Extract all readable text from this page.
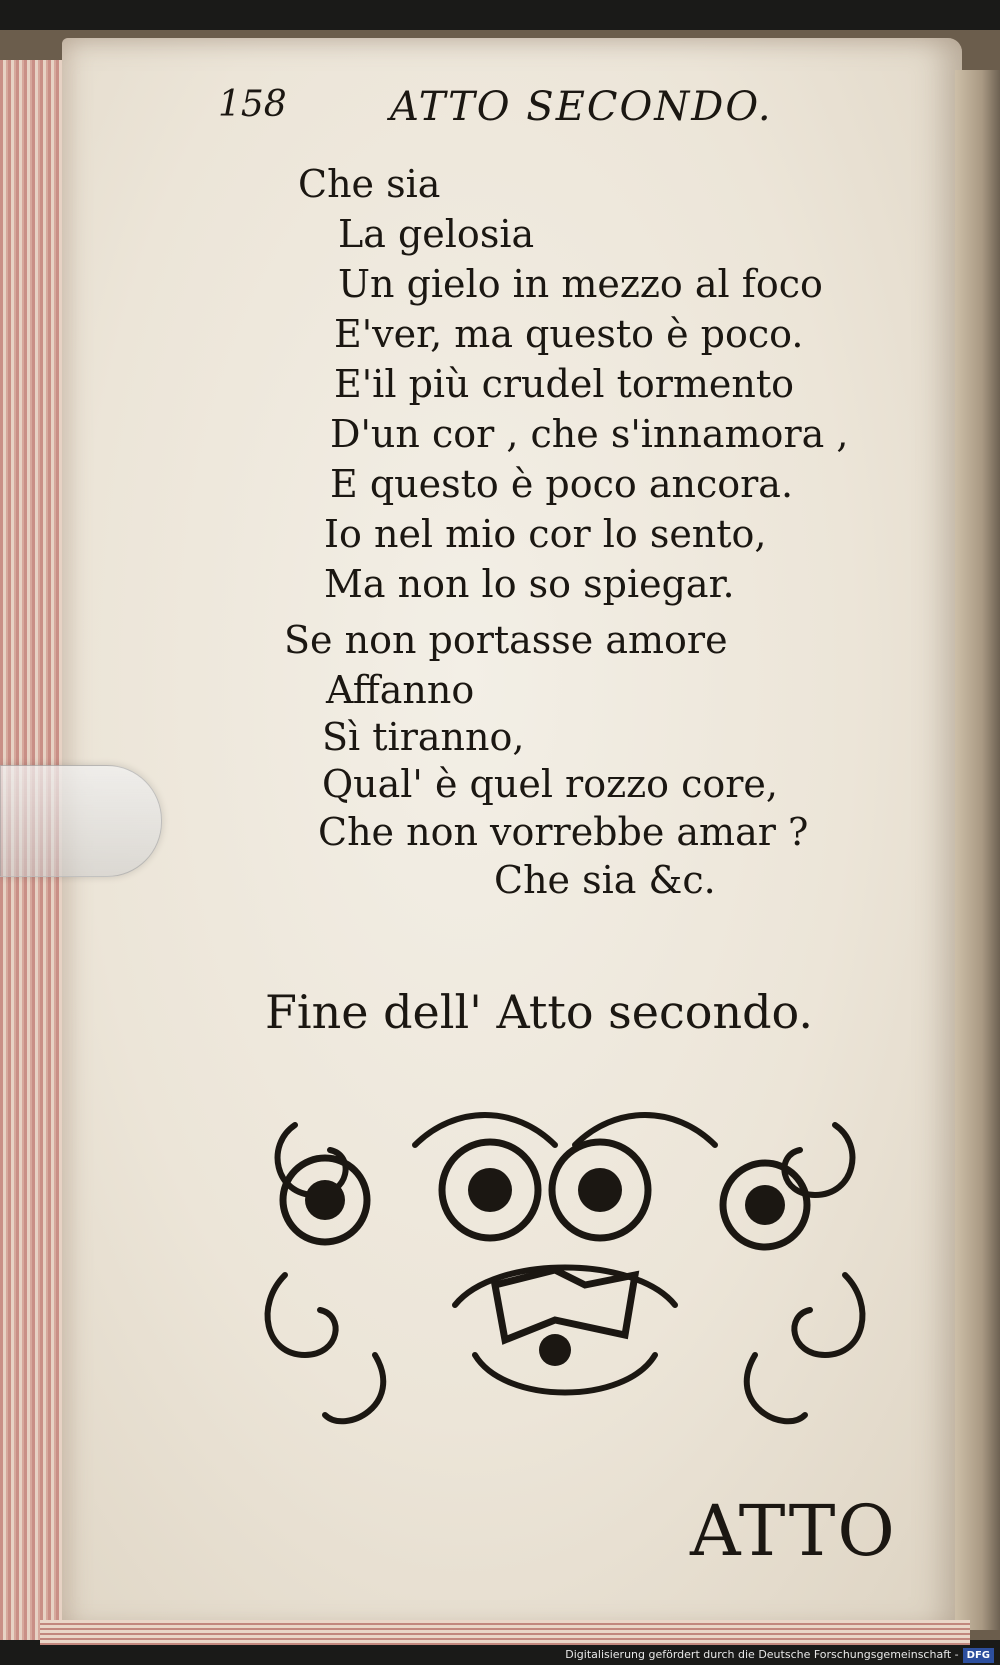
158	ATTO SECONDO.
Che sia
La gelosia
Un gielo in mezzo al foco
E'ver, ma questo è poco.
E'il più crudel tormento
D'un cor , che s'innamora ,
E questo è poco ancora.
Io nel mio cor lo sento,
Ma non lo so spiegar.
Se non portasse amore
Affanno
Sì tiranno,
Qual' è quel rozzo core,
Che non vorrebbe amar ?
Che sia &c.
Fine dell' Atto secondo.
ATTO
Digitalisierung gefördert durch die Deutsche Forschungsgemeinschaft - DFG
